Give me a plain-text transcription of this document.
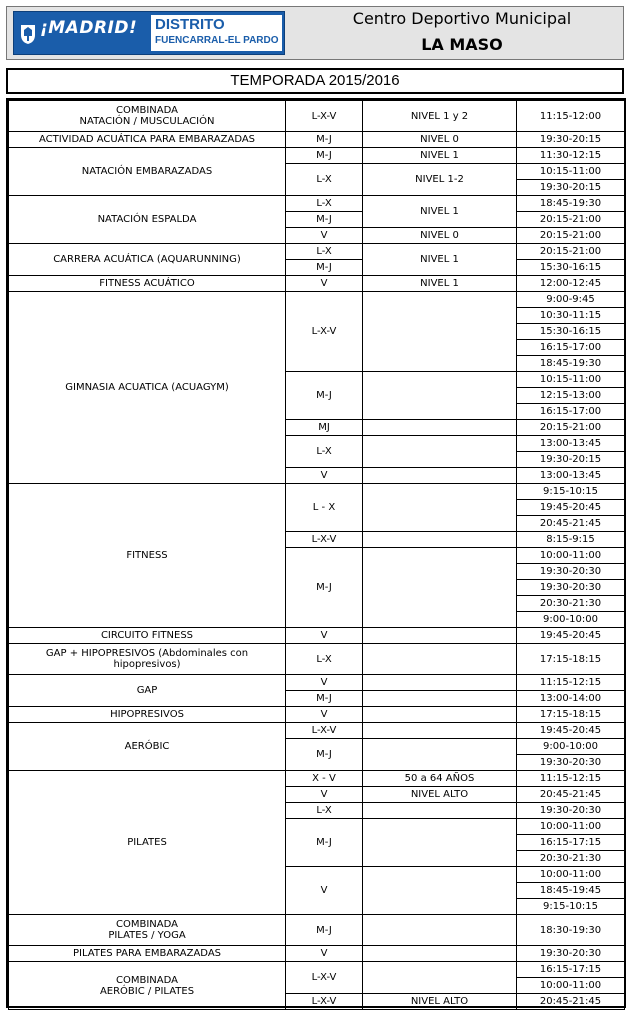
¡MADRID! DISTRITO
FUENCARRAL-EL PARDO
Centro Deportivo Municipal
LA MASO
TEMPORADA 2015/2016
COMBINADA
NATACIÓN / MUSCULACIÓN	L-X-V	NIVEL 1 y 2	11:15-12:00
ACTIVIDAD ACUÁTICA PARA EMBARAZADAS	M-J	NIVEL 0	19:30-20:15
NATACIÓN EMBARAZADAS	M-J	NIVEL 1	11:30-12:15
	L-X	NIVEL 1-2	10:15-11:00
			19:30-20:15
NATACIÓN ESPALDA	L-X	NIVEL 1	18:45-19:30
	M-J		20:15-21:00
	V	NIVEL 0	20:15-21:00
CARRERA ACUÁTICA (AQUARUNNING)	L-X	NIVEL 1	20:15-21:00
	M-J		15:30-16:15
FITNESS ACUÁTICO	V	NIVEL 1	12:00-12:45
GIMNASIA ACUATICA (ACUAGYM)	L-X-V		9:00-9:45
			10:30-11:15
			15:30-16:15
			16:15-17:00
			18:45-19:30
	M-J		10:15-11:00
			12:15-13:00
			16:15-17:00
	MJ		20:15-21:00
	L-X		13:00-13:45
			19:30-20:15
	V		13:00-13:45
FITNESS	L - X		9:15-10:15
			19:45-20:45
			20:45-21:45
	L-X-V		8:15-9:15
	M-J		10:00-11:00
			19:30-20:30
			19:30-20:30
			20:30-21:30
			9:00-10:00
CIRCUITO FITNESS	V		19:45-20:45
GAP + HIPOPRESIVOS (Abdominales con
hipopresivos)	L-X		17:15-18:15
GAP	V		11:15-12:15
	M-J		13:00-14:00
HIPOPRESIVOS	V		17:15-18:15
AERÓBIC	L-X-V		19:45-20:45
	M-J		9:00-10:00
			19:30-20:30
PILATES	X - V	50 a 64 AÑOS	11:15-12:15
	V	NIVEL ALTO	20:45-21:45
	L-X		19:30-20:30
	M-J		10:00-11:00
			16:15-17:15
			20:30-21:30
	V		10:00-11:00
			18:45-19:45
			9:15-10:15
COMBINADA
PILATES / YOGA	M-J		18:30-19:30
PILATES PARA EMBARAZADAS	V		19:30-20:30
COMBINADA
AERÓBIC / PILATES	L-X-V		16:15-17:15
			10:00-11:00
	L-X-V	NIVEL ALTO	20:45-21:45
